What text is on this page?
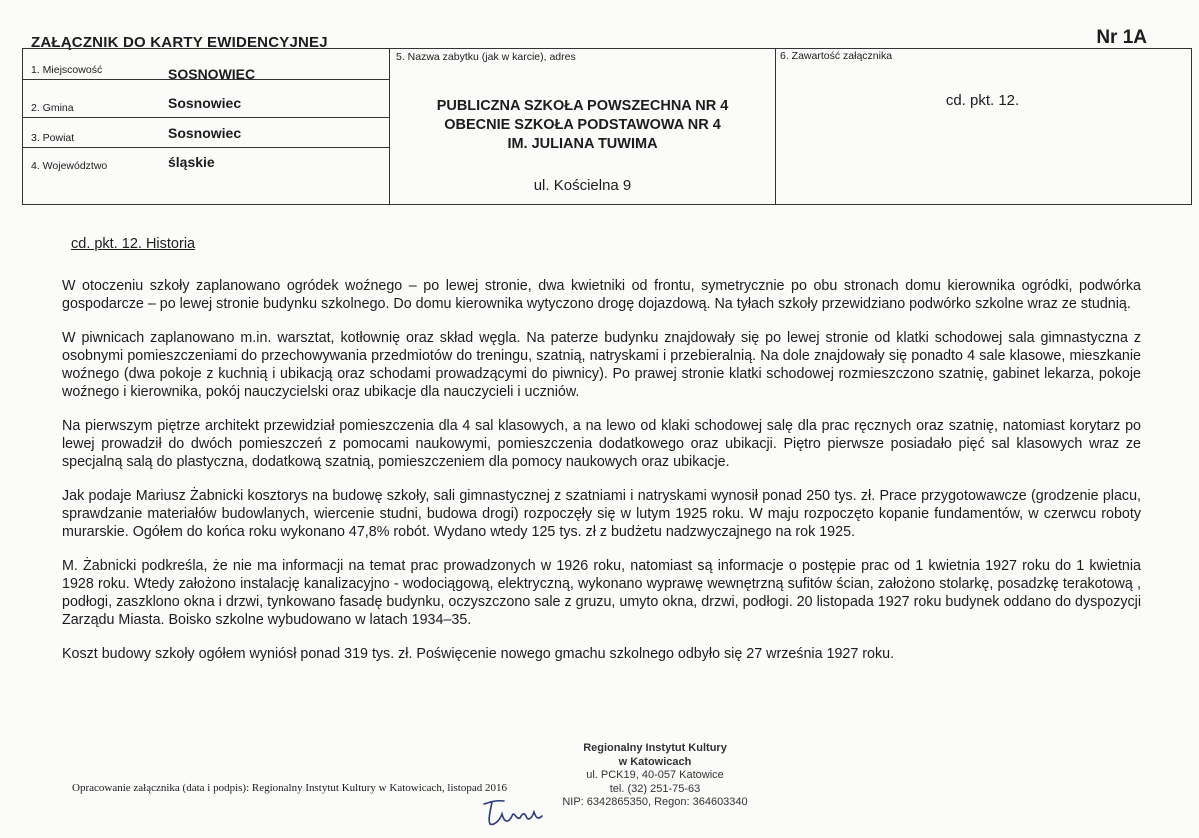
ZAŁĄCZNIK DO KARTY EWIDENCYJNEJ	Nr 1A
1. Miejscowość	SOSNOWIEC
2. Gmina	Sosnowiec
3. Powiat	Sosnowiec
4. Województwo	śląskie
5. Nazwa zabytku (jak w karcie), adres
PUBLICZNA SZKOŁA POWSZECHNA NR 4
OBECNIE SZKOŁA PODSTAWOWA NR 4
IM. JULIANA TUWIMA
ul. Kościelna 9
6. Zawartość załącznika
cd. pkt. 12.
cd. pkt. 12. Historia

W otoczeniu szkoły zaplanowano ogródek woźnego – po lewej stronie, dwa kwietniki od frontu, symetrycznie po obu stronach domu kierownika ogródki, podwórka gospodarcze – po lewej stronie budynku szkolnego. Do domu kierownika wytyczono drogę dojazdową. Na tyłach szkoły przewidziano podwórko szkolne wraz ze studnią.

W piwnicach zaplanowano m.in. warsztat, kotłownię oraz skład węgla. Na paterze budynku znajdowały się po lewej stronie od klatki schodowej sala gimnastyczna z osobnymi pomieszczeniami do przechowywania przedmiotów do treningu, szatnią, natryskami i przebieralnią. Na dole znajdowały się ponadto 4 sale klasowe, mieszkanie woźnego (dwa pokoje z kuchnią i ubikacją oraz schodami prowadzącymi do piwnicy). Po prawej stronie klatki schodowej rozmieszczono szatnię, gabinet lekarza, pokoje woźnego i kierownika, pokój nauczycielski oraz ubikacje dla nauczycieli i uczniów.

Na pierwszym piętrze architekt przewidział pomieszczenia dla 4 sal klasowych, a na lewo od klaki schodowej salę dla prac ręcznych oraz szatnię, natomiast korytarz po lewej prowadził do dwóch pomieszczeń z pomocami naukowymi, pomieszczenia dodatkowego oraz ubikacji. Piętro pierwsze posiadało pięć sal klasowych wraz ze specjalną salą do plastyczna, dodatkową szatnią, pomieszczeniem dla pomocy naukowych oraz ubikacje.

Jak podaje Mariusz Żabnicki kosztorys na budowę szkoły, sali gimnastycznej z szatniami i natryskami wynosił ponad 250 tys. zł. Prace przygotowawcze (grodzenie placu, sprawdzanie materiałów budowlanych, wiercenie studni, budowa drogi) rozpoczęły się w lutym 1925 roku. W maju rozpoczęto kopanie fundamentów, w czerwcu roboty murarskie. Ogółem do końca roku wykonano 47,8% robót. Wydano wtedy 125 tys. zł z budżetu nadzwyczajnego na rok 1925.

M. Żabnicki podkreśla, że nie ma informacji na temat prac prowadzonych w 1926 roku, natomiast są informacje o postępie prac od 1 kwietnia 1927 roku do 1 kwietnia 1928 roku. Wtedy założono instalację kanalizacyjno - wodociągową, elektryczną, wykonano wyprawę wewnętrzną sufitów ścian, założono stolarkę, posadzkę terakotową , podłogi, zaszklono okna i drzwi, tynkowano fasadę budynku, oczyszczono sale z gruzu, umyto okna, drzwi, podłogi. 20 listopada 1927 roku budynek oddano do dyspozycji Zarządu Miasta. Boisko szkolne wybudowano w latach 1934–35.

Koszt budowy szkoły ogółem wyniósł ponad 319 tys. zł. Poświęcenie nowego gmachu szkolnego odbyło się 27 września 1927 roku.

Opracowanie załącznika (data i podpis): Regionalny Instytut Kultury w Katowicach, listopad 2016
Regionalny Instytut Kultury
w Katowicach
ul. PCK19, 40-057 Katowice
tel. (32) 251-75-63
NIP: 6342865350, Regon: 364603340
